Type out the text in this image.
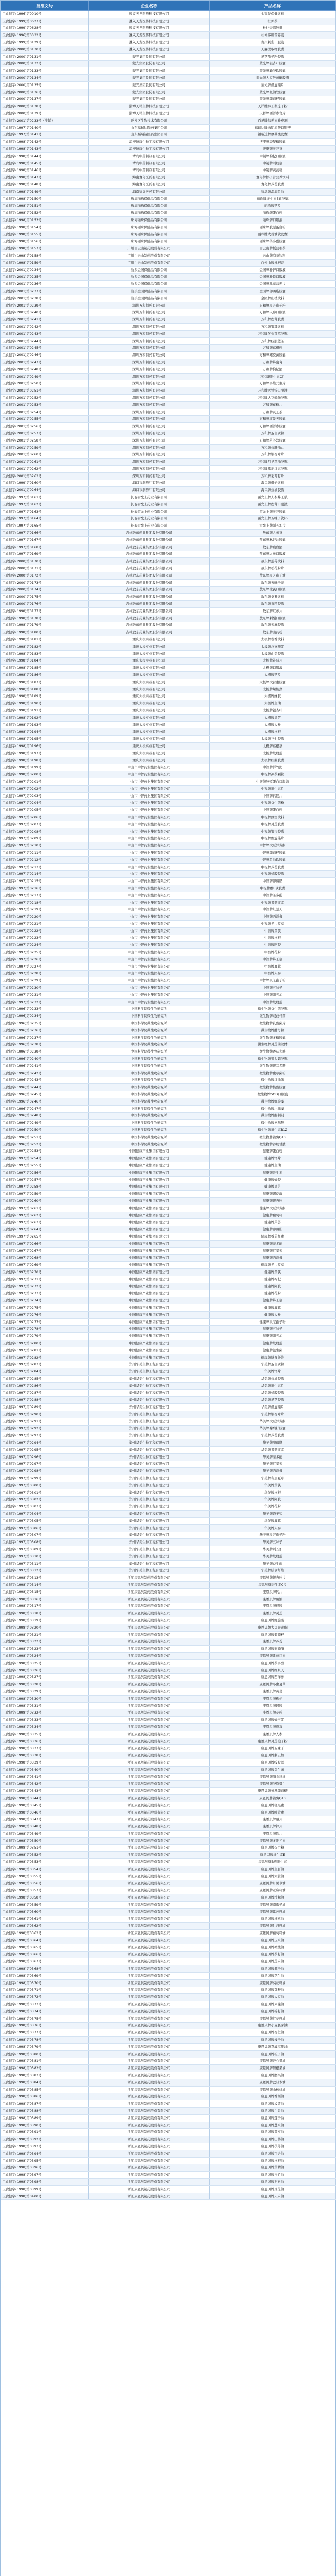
批准文号	企业名称	产品名称
卫食健字(1996)第0010号	遵义天龙医药科技有限公司	金银花保健饮料
卫食健字(1999)第0627号	遵义天龙医药科技有限公司	杜仲茶
卫食健字(1999)第0628号	遵义天龙医药科技有限公司	杜仲天麻胶囊
卫食健字(1996)第0032号	遵义天龙医药科技有限公司	杜仲多糖营养液
卫食健字(1999)第0129号	遵义天龙医药科技有限公司	贵州刺梨口服液
卫食健字(2000)第0130号	遵义天龙医药科技有限公司	天麻提取物胶囊
卫食健字(2000)第0131号	蒙光集团股份有限公司	灵芝孢子粉胶囊
卫食健字(2000)第0132号	蒙光集团股份有限公司	蒙光牌银杏叶胶囊
卫食健字(2000)第0133号	蒙光集团股份有限公司	蒙光牌蜂胶软胶囊
卫食健字(2000)第0134号	蒙光集团股份有限公司	蒙光牌大豆异黄酮胶囊
卫食健字(2000)第0135号	蒙光集团股份有限公司	蒙光牌螺旋藻片
卫食健字(2000)第0136号	蒙光集团股份有限公司	蒙光牌鱼油软胶囊
卫食健字(2000)第0137号	蒙光集团股份有限公司	蒙光牌葡萄籽胶囊
卫食健字(2000)第0138号	淄博天祥生物科技有限公司	天祥牌蜂王浆冻干粉
卫食健字(2000)第0139号	淄博天祥生物科技有限公司	天祥牌西洋参含片
卫食健字(2001)第0233号（注销）	开发区生物技术有限公司	百灵牌营养素补充剂
卫食健字(1997)第0140号	山东福瑞达医药集团公司	福瑞达牌透明质酸口服液
卫食健字(1997)第0141号	山东福瑞达医药集团公司	福瑞达牌氨基酸胶囊
卫食健字(1998)第0142号	淄博博康生物工程有限公司	博康牌壳聚糖胶囊
卫食健字(1998)第0143号	淄博博康生物工程有限公司	博康牌灵芝茶
卫食健字(1998)第0144号	青岛中药制剂有限公司	中制牌枸杞口服液
卫食健字(1998)第0145号	青岛中药制剂有限公司	中制牌阿胶浆
卫食健字(1998)第0146号	青岛中药制剂有限公司	中制牌黄芪精
卫食健字(1998)第0147号	海南寰岛医药有限公司	寰岛牌椰子汁营养饮料
卫食健字(1998)第0148号	海南寰岛医药有限公司	寰岛牌芦荟胶囊
卫食健字(1998)第0149号	海南寰岛医药有限公司	寰岛牌深海鱼油
卫食健字(1998)第0150号	珠海丽珠保健品有限公司	丽珠牌维生素E软胶囊
卫食健字(1998)第0151号	珠海丽珠保健品有限公司	丽珠牌钙片
卫食健字(1998)第0152号	珠海丽珠保健品有限公司	丽珠牌蛋白粉
卫食健字(1998)第0153号	珠海丽珠保健品有限公司	丽珠牌口服液
卫食健字(1998)第0154号	珠海丽珠保健品有限公司	丽珠牌胶原蛋白粉
卫食健字(1998)第0155号	珠海丽珠保健品有限公司	丽珠牌大蒜油软胶囊
卫食健字(1998)第0156号	珠海丽珠保健品有限公司	丽珠牌茶多酚胶囊
卫食健字(1998)第0157号	广州白云山制药股份有限公司	白云山牌板蓝根茶
卫食健字(1998)第0158号	广州白云山制药股份有限公司	白云山牌凉茶饮料
卫食健字(1998)第0159号	广州白云山制药股份有限公司	白云山牌枇杷膏
卫食健字(2001)第0234号	汕头金园保健品有限公司	金园牌补锌口服液
卫食健字(2001)第0235号	汕头金园保健品有限公司	金园牌补铁口服液
卫食健字(2001)第0236号	汕头金园保健品有限公司	金园牌儿童营养片
卫食健字(2001)第0237号	汕头金园保健品有限公司	金园牌卵磷脂胶囊
卫食健字(2001)第0238号	汕头金园保健品有限公司	金园牌山楂饮料
卫食健字(2001)第0239号	深圳万和制药有限公司	万和牌灵芝孢子粉
卫食健字(2001)第0240号	深圳万和制药有限公司	万和牌人参口服液
卫食健字(2001)第0241号	深圳万和制药有限公司	万和牌鹿茸胶囊
卫食健字(2001)第0242号	深圳万和制药有限公司	万和牌银耳饮料
卫食健字(2001)第0243号	深圳万和制药有限公司	万和牌冬虫夏草胶囊
卫食健字(2001)第0244号	深圳万和制药有限公司	万和牌绞股蓝茶
卫食健字(2001)第0245号	深圳万和制药有限公司	万和牌葛根粉
卫食健字(2001)第0246号	深圳万和制药有限公司	万和牌螺旋藻胶囊
卫食健字(2001)第0247号	深圳万和制药有限公司	万和牌蜂蜜膏
卫食健字(2001)第0248号	深圳万和制药有限公司	万和牌枸杞酒
卫食健字(2001)第0249号	深圳万和制药有限公司	万和牌维生素C片
卫食健字(2001)第0250号	深圳万和制药有限公司	万和牌多维元素片
卫食健字(2001)第0251号	深圳万和制药有限公司	万和牌钙铁锌口服液
卫食健字(2001)第0252号	深圳万和制药有限公司	万和牌大豆磷脂胶囊
卫食健字(2001)第0253号	深圳万和制药有限公司	万和牌花粉片
卫食健字(2001)第0254号	深圳万和制药有限公司	万和牌灵芝茶
卫食健字(2001)第0255号	深圳万和制药有限公司	万和牌红景天胶囊
卫食健字(2001)第0256号	深圳万和制药有限公司	万和牌西洋参胶囊
卫食健字(2001)第0257号	深圳万和制药有限公司	万和牌蛋白质粉
卫食健字(2001)第0258号	深圳万和制药有限公司	万和牌芦荟软胶囊
卫食健字(2001)第0259号	深圳万和制药有限公司	万和牌鱼肝油丸
卫食健字(2001)第0260号	深圳万和制药有限公司	万和牌银杏叶片
卫食健字(2001)第0261号	深圳万和制药有限公司	万和牌月见草油胶囊
卫食健字(2001)第0262号	深圳万和制药有限公司	万和牌番茄红素胶囊
卫食健字(2001)第0263号	深圳万和制药有限公司	万和牌葡萄籽片
卫食健字(1999)第0160号	海口市制药厂有限公司	海口牌椰奶饮料
卫食健字(2001)第0264号	海口市制药厂有限公司	海口牌鱼油胶囊
卫食健字(1997)第0161号	长春雷允上药业有限公司	雷允上牌人参蜂王浆
卫食健字(1997)第0162号	长春雷允上药业有限公司	雷允上牌鹿茸口服液
卫食健字(1997)第0163号	长春雷允上药业有限公司	雷允上牌灵芝胶囊
卫食健字(1997)第0164号	长春雷允上药业有限公司	雷允上牌五味子饮料
卫食健字(1997)第0165号	长春雷允上药业有限公司	雷允上牌刺五加片
卫食健字(1997)第0166号	吉林敖东药业集团股份有限公司	敖东牌人参茶
卫食健字(1997)第0167号	吉林敖东药业集团股份有限公司	敖东牌林蛙油胶囊
卫食健字(1997)第0168号	吉林敖东药业集团股份有限公司	敖东牌鹿血酒
卫食健字(1997)第0169号	吉林敖东药业集团股份有限公司	敖东牌人参口服液
卫食健字(2000)第0170号	吉林敖东药业集团股份有限公司	敖东牌蓝莓饮料
卫食健字(2000)第0171号	吉林敖东药业集团股份有限公司	敖东牌松花粉片
卫食健字(2000)第0172号	吉林敖东药业集团股份有限公司	敖东牌灵芝孢子油
卫食健字(2000)第0173号	吉林敖东药业集团股份有限公司	敖东牌五味子茶
卫食健字(2000)第0174号	吉林敖东药业集团股份有限公司	敖东牌北芪口服液
卫食健字(2000)第0175号	吉林敖东药业集团股份有限公司	敖东牌桑葚饮料
卫食健字(2000)第0176号	吉林敖东药业集团股份有限公司	敖东牌黄精胶囊
卫食健字(1998)第0177号	吉林敖东药业集团股份有限公司	敖东牌红参片
卫食健字(1998)第0178号	吉林敖东药业集团股份有限公司	敖东牌刺梨口服液
卫食健字(1998)第0179号	吉林敖东药业集团股份有限公司	敖东牌天麻胶囊
卫食健字(1998)第0180号	吉林敖东药业集团股份有限公司	敖东牌山药粉
卫食健字(1998)第0181号	重庆太极实业有限公司	太极牌藿香饮料
卫食健字(1998)第0182号	重庆太极实业有限公司	太极牌急支糖浆
卫食健字(1998)第0183号	重庆太极实业有限公司	太极牌曲美胶囊
卫食健字(1998)第0184号	重庆太极实业有限公司	太极牌补肾片
卫食健字(1998)第0185号	重庆太极实业有限公司	太极牌口服液
卫食健字(1998)第0186号	重庆太极实业有限公司	太极牌钙片
卫食健字(1998)第0187号	重庆太极实业有限公司	太极牌大蒜素胶囊
卫食健字(1998)第0188号	重庆太极实业有限公司	太极牌螺旋藻
卫食健字(1998)第0189号	重庆太极实业有限公司	太极牌蜂胶
卫食健字(1998)第0190号	重庆太极实业有限公司	太极牌鱼油
卫食健字(1998)第0191号	重庆太极实业有限公司	太极牌银杏叶
卫食健字(1998)第0192号	重庆太极实业有限公司	太极牌灵芝
卫食健字(1998)第0193号	重庆太极实业有限公司	太极牌人参
卫食健字(1998)第0194号	重庆太极实业有限公司	太极牌枸杞
卫食健字(1998)第0195号	重庆太极实业有限公司	太极牌三七胶囊
卫食健字(1998)第0196号	重庆太极实业有限公司	太极牌葛根茶
卫食健字(1998)第0197号	重庆太极实业有限公司	太极牌绞股蓝
卫食健字(1998)第0198号	重庆太极实业有限公司	太极牌红曲胶囊
卫食健字(1998)第0199号	中山市中智药业集团有限公司	中智牌鲜竹沥
卫食健字(1998)第0200号	中山市中智药业集团有限公司	中智牌凉茶颗粒
卫食健字(1997)第0201号	中山市中智药业集团有限公司	中智牌胶原蛋白口服液
卫食健字(1997)第0202号	中山市中智药业集团有限公司	中智牌维生素片
卫食健字(1997)第0203号	中山市中智药业集团有限公司	中智牌钙镁片
卫食健字(1997)第0204号	中山市中智药业集团有限公司	中智牌益生菌粉
卫食健字(1997)第0205号	中山市中智药业集团有限公司	中智牌蛋白粉
卫食健字(1997)第0206号	中山市中智药业集团有限公司	中智牌蜂蜜饮料
卫食健字(1997)第0207号	中山市中智药业集团有限公司	中智牌灵芝胶囊
卫食健字(1997)第0208号	中山市中智药业集团有限公司	中智牌银杏胶囊
卫食健字(1997)第0209号	中山市中智药业集团有限公司	中智牌螺旋藻片
卫食健字(1997)第0210号	中山市中智药业集团有限公司	中智牌大豆异黄酮
卫食健字(1997)第0211号	中山市中智药业集团有限公司	中智牌葡萄籽胶囊
卫食健字(1997)第0212号	中山市中智药业集团有限公司	中智牌鱼油软胶囊
卫食健字(1997)第0213号	中山市中智药业集团有限公司	中智牌芦荟胶囊
卫食健字(1997)第0214号	中山市中智药业集团有限公司	中智牌蜂胶胶囊
卫食健字(1997)第0215号	中山市中智药业集团有限公司	中智牌卵磷脂
卫食健字(1997)第0216号	中山市中智药业集团有限公司	中智牌维E软胶囊
卫食健字(1997)第0217号	中山市中智药业集团有限公司	中智牌茶多酚
卫食健字(1997)第0218号	中山市中智药业集团有限公司	中智牌番茄红素
卫食健字(1997)第0219号	中山市中智药业集团有限公司	中智牌红景天
卫食健字(1997)第0220号	中山市中智药业集团有限公司	中智牌西洋参
卫食健字(1997)第0221号	中山市中智药业集团有限公司	中智牌冬虫夏草
卫食健字(1997)第0222号	中山市中智药业集团有限公司	中智牌黄芪
卫食健字(1997)第0223号	中山市中智药业集团有限公司	中智牌枸杞
卫食健字(1997)第0224号	中山市中智药业集团有限公司	中智牌阿胶
卫食健字(1997)第0225号	中山市中智药业集团有限公司	中智牌花粉
卫食健字(1997)第0226号	中山市中智药业集团有限公司	中智牌蜂王浆
卫食健字(1997)第0227号	中山市中智药业集团有限公司	中智牌鹿茸
卫食健字(1997)第0228号	中山市中智药业集团有限公司	中智牌人参
卫食健字(1997)第0229号	中山市中智药业集团有限公司	中智牌灵芝孢子粉
卫食健字(1997)第0230号	中山市中智药业集团有限公司	中智牌五味子
卫食健字(1997)第0231号	中山市中智药业集团有限公司	中智牌刺五加
卫食健字(1997)第0232号	中山市中智药业集团有限公司	中智牌绞股蓝
卫食健字(1996)第0233号	中国科学院微生物研究所	微生物牌益生菌胶囊
卫食健字(1996)第0234号	中国科学院微生物研究所	微生物牌双歧杆菌
卫食健字(1996)第0235号	中国科学院微生物研究所	微生物牌乳酸菌片
卫食健字(1996)第0236号	中国科学院微生物研究所	微生物牌酵母粉
卫食健字(1996)第0237号	中国科学院微生物研究所	微生物牌多糖胶囊
卫食健字(1996)第0238号	中国科学院微生物研究所	微生物牌灵芝菌丝体
卫食健字(1996)第0239号	中国科学院微生物研究所	微生物牌香菇多糖
卫食健字(1996)第0240号	中国科学院微生物研究所	微生物牌猴头菇胶囊
卫食健字(1996)第0241号	中国科学院微生物研究所	微生物牌银耳多糖
卫食健字(1996)第0242号	中国科学院微生物研究所	微生物牌虫草菌粉
卫食健字(1996)第0243号	中国科学院微生物研究所	微生物牌红曲米
卫食健字(1996)第0244号	中国科学院微生物研究所	微生物牌核酸胶囊
卫食健字(1996)第0245号	中国科学院微生物研究所	微生物牌SOD口服液
卫食健字(1996)第0246号	中国科学院微生物研究所	微生物牌螺旋藻
卫食健字(1996)第0247号	中国科学院微生物研究所	微生物牌小球藻
卫食健字(1996)第0248号	中国科学院微生物研究所	微生物牌酶制剂
卫食健字(1996)第0249号	中国科学院微生物研究所	微生物牌氨基酸
卫食健字(1996)第0250号	中国科学院微生物研究所	微生物牌维生素B12
卫食健字(1996)第0251号	中国科学院微生物研究所	微生物牌辅酶Q10
卫食健字(1996)第0252号	中国科学院微生物研究所	微生物牌谷胱甘肽
卫食健字(1997)第0253号	中国健康产业集团有限公司	健康牌蛋白粉
卫食健字(1997)第0254号	中国健康产业集团有限公司	健康牌钙片
卫食健字(1997)第0255号	中国健康产业集团有限公司	健康牌鱼油
卫食健字(1997)第0256号	中国健康产业集团有限公司	健康牌维生素
卫食健字(1997)第0257号	中国健康产业集团有限公司	健康牌蜂胶
卫食健字(1997)第0258号	中国健康产业集团有限公司	健康牌灵芝
卫食健字(1997)第0259号	中国健康产业集团有限公司	健康牌螺旋藻
卫食健字(1997)第0260号	中国健康产业集团有限公司	健康牌银杏叶
卫食健字(1997)第0261号	中国健康产业集团有限公司	健康牌大豆异黄酮
卫食健字(1997)第0262号	中国健康产业集团有限公司	健康牌葡萄籽
卫食健字(1997)第0263号	中国健康产业集团有限公司	健康牌芦荟
卫食健字(1997)第0264号	中国健康产业集团有限公司	健康牌卵磷脂
卫食健字(1997)第0265号	中国健康产业集团有限公司	健康牌番茄红素
卫食健字(1997)第0266号	中国健康产业集团有限公司	健康牌茶多酚
卫食健字(1997)第0267号	中国健康产业集团有限公司	健康牌红景天
卫食健字(1997)第0268号	中国健康产业集团有限公司	健康牌西洋参
卫食健字(1997)第0269号	中国健康产业集团有限公司	健康牌冬虫夏草
卫食健字(1997)第0270号	中国健康产业集团有限公司	健康牌黄芪
卫食健字(1997)第0271号	中国健康产业集团有限公司	健康牌枸杞
卫食健字(1997)第0272号	中国健康产业集团有限公司	健康牌阿胶
卫食健字(1997)第0273号	中国健康产业集团有限公司	健康牌花粉
卫食健字(1997)第0274号	中国健康产业集团有限公司	健康牌蜂王浆
卫食健字(1997)第0275号	中国健康产业集团有限公司	健康牌鹿茸
卫食健字(1997)第0276号	中国健康产业集团有限公司	健康牌人参
卫食健字(1997)第0277号	中国健康产业集团有限公司	健康牌灵芝孢子粉
卫食健字(1997)第0278号	中国健康产业集团有限公司	健康牌五味子
卫食健字(1997)第0279号	中国健康产业集团有限公司	健康牌刺五加
卫食健字(1997)第0280号	中国健康产业集团有限公司	健康牌绞股蓝
卫食健字(1997)第0281号	中国健康产业集团有限公司	健康牌益生菌
卫食健字(1997)第0282号	中国健康产业集团有限公司	健康牌膳食纤维
卫食健字(1997)第0283号	郑州华美生物工程有限公司	华美牌蛋白质粉
卫食健字(1997)第0284号	郑州华美生物工程有限公司	华美牌钙片
卫食健字(1997)第0285号	郑州华美生物工程有限公司	华美牌鱼油胶囊
卫食健字(1997)第0286号	郑州华美生物工程有限公司	华美牌维生素片
卫食健字(1997)第0287号	郑州华美生物工程有限公司	华美牌蜂胶胶囊
卫食健字(1997)第0288号	郑州华美生物工程有限公司	华美牌灵芝胶囊
卫食健字(1997)第0289号	郑州华美生物工程有限公司	华美牌螺旋藻片
卫食健字(1997)第0290号	郑州华美生物工程有限公司	华美牌银杏叶片
卫食健字(1997)第0291号	郑州华美生物工程有限公司	华美牌大豆异黄酮
卫食健字(1997)第0292号	郑州华美生物工程有限公司	华美牌葡萄籽胶囊
卫食健字(1997)第0293号	郑州华美生物工程有限公司	华美牌芦荟胶囊
卫食健字(1997)第0294号	郑州华美生物工程有限公司	华美牌卵磷脂
卫食健字(1997)第0295号	郑州华美生物工程有限公司	华美牌番茄红素
卫食健字(1997)第0296号	郑州华美生物工程有限公司	华美牌茶多酚
卫食健字(1997)第0297号	郑州华美生物工程有限公司	华美牌红景天
卫食健字(1997)第0298号	郑州华美生物工程有限公司	华美牌西洋参
卫食健字(1997)第0299号	郑州华美生物工程有限公司	华美牌冬虫夏草
卫食健字(1997)第0300号	郑州华美生物工程有限公司	华美牌黄芪
卫食健字(1997)第0301号	郑州华美生物工程有限公司	华美牌枸杞
卫食健字(1997)第0302号	郑州华美生物工程有限公司	华美牌阿胶
卫食健字(1997)第0303号	郑州华美生物工程有限公司	华美牌花粉
卫食健字(1997)第0304号	郑州华美生物工程有限公司	华美牌蜂王浆
卫食健字(1997)第0305号	郑州华美生物工程有限公司	华美牌鹿茸
卫食健字(1997)第0306号	郑州华美生物工程有限公司	华美牌人参
卫食健字(1997)第0307号	郑州华美生物工程有限公司	华美牌灵芝孢子粉
卫食健字(1997)第0308号	郑州华美生物工程有限公司	华美牌五味子
卫食健字(1997)第0309号	郑州华美生物工程有限公司	华美牌刺五加
卫食健字(1997)第0310号	郑州华美生物工程有限公司	华美牌绞股蓝
卫食健字(1997)第0311号	郑州华美生物工程有限公司	华美牌益生菌
卫食健字(1997)第0312号	郑州华美生物工程有限公司	华美牌膳食纤维
卫食健字(1998)第0313号	浙江康恩贝制药股份有限公司	康恩贝牌银杏叶片
卫食健字(1998)第0314号	浙江康恩贝制药股份有限公司	康恩贝牌维生素C片
卫食健字(1998)第0315号	浙江康恩贝制药股份有限公司	康恩贝牌钙片
卫食健字(1998)第0316号	浙江康恩贝制药股份有限公司	康恩贝牌鱼油
卫食健字(1998)第0317号	浙江康恩贝制药股份有限公司	康恩贝牌蜂胶
卫食健字(1998)第0318号	浙江康恩贝制药股份有限公司	康恩贝牌灵芝
卫食健字(1998)第0319号	浙江康恩贝制药股份有限公司	康恩贝牌螺旋藻
卫食健字(1998)第0320号	浙江康恩贝制药股份有限公司	康恩贝牌大豆异黄酮
卫食健字(1998)第0321号	浙江康恩贝制药股份有限公司	康恩贝牌葡萄籽
卫食健字(1998)第0322号	浙江康恩贝制药股份有限公司	康恩贝牌芦荟
卫食健字(1998)第0323号	浙江康恩贝制药股份有限公司	康恩贝牌卵磷脂
卫食健字(1998)第0324号	浙江康恩贝制药股份有限公司	康恩贝牌番茄红素
卫食健字(1998)第0325号	浙江康恩贝制药股份有限公司	康恩贝牌茶多酚
卫食健字(1998)第0326号	浙江康恩贝制药股份有限公司	康恩贝牌红景天
卫食健字(1998)第0327号	浙江康恩贝制药股份有限公司	康恩贝牌西洋参
卫食健字(1998)第0328号	浙江康恩贝制药股份有限公司	康恩贝牌冬虫夏草
卫食健字(1998)第0329号	浙江康恩贝制药股份有限公司	康恩贝牌黄芪
卫食健字(1998)第0330号	浙江康恩贝制药股份有限公司	康恩贝牌枸杞
卫食健字(1998)第0331号	浙江康恩贝制药股份有限公司	康恩贝牌阿胶
卫食健字(1998)第0332号	浙江康恩贝制药股份有限公司	康恩贝牌花粉
卫食健字(1998)第0333号	浙江康恩贝制药股份有限公司	康恩贝牌蜂王浆
卫食健字(1998)第0334号	浙江康恩贝制药股份有限公司	康恩贝牌鹿茸
卫食健字(1998)第0335号	浙江康恩贝制药股份有限公司	康恩贝牌人参
卫食健字(1998)第0336号	浙江康恩贝制药股份有限公司	康恩贝牌灵芝孢子粉
卫食健字(1998)第0337号	浙江康恩贝制药股份有限公司	康恩贝牌五味子
卫食健字(1998)第0338号	浙江康恩贝制药股份有限公司	康恩贝牌刺五加
卫食健字(1998)第0339号	浙江康恩贝制药股份有限公司	康恩贝牌绞股蓝
卫食健字(1998)第0340号	浙江康恩贝制药股份有限公司	康恩贝牌益生菌
卫食健字(1998)第0341号	浙江康恩贝制药股份有限公司	康恩贝牌膳食纤维
卫食健字(1998)第0342号	浙江康恩贝制药股份有限公司	康恩贝牌胶原蛋白
卫食健字(1998)第0343号	浙江康恩贝制药股份有限公司	康恩贝牌氨基葡萄糖
卫食健字(1998)第0344号	浙江康恩贝制药股份有限公司	康恩贝牌辅酶Q10
卫食健字(1998)第0345号	浙江康恩贝制药股份有限公司	康恩贝牌褪黑素
卫食健字(1998)第0346号	浙江康恩贝制药股份有限公司	康恩贝牌叶黄素
卫食健字(1998)第0347号	浙江康恩贝制药股份有限公司	康恩贝牌硒片
卫食健字(1998)第0348号	浙江康恩贝制药股份有限公司	康恩贝牌锌片
卫食健字(1998)第0349号	浙江康恩贝制药股份有限公司	康恩贝牌铁片
卫食健字(1998)第0350号	浙江康恩贝制药股份有限公司	康恩贝牌多维元素
卫食健字(1998)第0351号	浙江康恩贝制药股份有限公司	康恩贝牌蛋白粉
卫食健字(1998)第0352号	浙江康恩贝制药股份有限公司	康恩贝牌维生素E
卫食健字(1998)第0353号	浙江康恩贝制药股份有限公司	康恩贝牌B族维生素
卫食健字(1998)第0354号	浙江康恩贝制药股份有限公司	康恩贝牌鱼肝油
卫食健字(1998)第0355号	浙江康恩贝制药股份有限公司	康恩贝牌大蒜油
卫食健字(1998)第0356号	浙江康恩贝制药股份有限公司	康恩贝牌月见草油
卫食健字(1998)第0357号	浙江康恩贝制药股份有限公司	康恩贝牌亚麻籽油
卫食健字(1998)第0358号	浙江康恩贝制药股份有限公司	康恩贝牌沙棘油
卫食健字(1998)第0359号	浙江康恩贝制药股份有限公司	康恩贝牌南瓜子油
卫食健字(1998)第0360号	浙江康恩贝制药股份有限公司	康恩贝牌紫苏籽油
卫食健字(1998)第0361号	浙江康恩贝制药股份有限公司	康恩贝牌核桃油
卫食健字(1998)第0362号	浙江康恩贝制药股份有限公司	康恩贝牌牡丹籽油
卫食健字(1998)第0363号	浙江康恩贝制药股份有限公司	康恩贝牌葡萄籽油
卫食健字(1998)第0364号	浙江康恩贝制药股份有限公司	康恩贝牌玉米油
卫食健字(1998)第0365号	浙江康恩贝制药股份有限公司	康恩贝牌橄榄油
卫食健字(1998)第0366号	浙江康恩贝制药股份有限公司	康恩贝牌茶籽油
卫食健字(1998)第0367号	浙江康恩贝制药股份有限公司	康恩贝牌芝麻油
卫食健字(1998)第0368号	浙江康恩贝制药股份有限公司	康恩贝牌椰子油
卫食健字(1998)第0369号	浙江康恩贝制药股份有限公司	康恩贝牌花生油
卫食健字(1998)第0370号	浙江康恩贝制药股份有限公司	康恩贝牌葵花籽油
卫食健字(1998)第0371号	浙江康恩贝制药股份有限公司	康恩贝牌菜籽油
卫食健字(1998)第0372号	浙江康恩贝制药股份有限公司	康恩贝牌大豆油
卫食健字(1998)第0373号	浙江康恩贝制药股份有限公司	康恩贝牌米糠油
卫食健字(1998)第0374号	浙江康恩贝制药股份有限公司	康恩贝牌棉籽油
卫食健字(1998)第0375号	浙江康恩贝制药股份有限公司	康恩贝牌红花籽油
卫食健字(1998)第0376号	浙江康恩贝制药股份有限公司	康恩贝牌小麦胚芽油
卫食健字(1998)第0377号	浙江康恩贝制药股份有限公司	康恩贝牌杏仁油
卫食健字(1998)第0378号	浙江康恩贝制药股份有限公司	康恩贝牌榛子油
卫食健字(1998)第0379号	浙江康恩贝制药股份有限公司	康恩贝牌夏威夷果油
卫食健字(1998)第0380号	浙江康恩贝制药股份有限公司	康恩贝牌松子油
卫食健字(1998)第0381号	浙江康恩贝制药股份有限公司	康恩贝牌开心果油
卫食健字(1998)第0382号	浙江康恩贝制药股份有限公司	康恩贝牌碧根果油
卫食健字(1998)第0383号	浙江康恩贝制药股份有限公司	康恩贝牌腰果油
卫食健字(1998)第0384号	浙江康恩贝制药股份有限公司	康恩贝牌巴旦木油
卫食健字(1998)第0385号	浙江康恩贝制药股份有限公司	康恩贝牌山核桃油
卫食健字(1998)第0386号	浙江康恩贝制药股份有限公司	康恩贝牌香榧油
卫食健字(1998)第0387号	浙江康恩贝制药股份有限公司	康恩贝牌板栗油
卫食健字(1998)第0388号	浙江康恩贝制药股份有限公司	康恩贝牌白果油
卫食健字(1998)第0389号	浙江康恩贝制药股份有限公司	康恩贝牌莲子油
卫食健字(1998)第0390号	浙江康恩贝制药股份有限公司	康恩贝牌薏米油
卫食健字(1998)第0391号	浙江康恩贝制药股份有限公司	康恩贝牌芡实油
卫食健字(1998)第0392号	浙江康恩贝制药股份有限公司	康恩贝牌山药油
卫食健字(1998)第0393号	浙江康恩贝制药股份有限公司	康恩贝牌茯苓油
卫食健字(1998)第0394号	浙江康恩贝制药股份有限公司	康恩贝牌百合油
卫食健字(1998)第0395号	浙江康恩贝制药股份有限公司	康恩贝牌枸杞油
卫食健字(1998)第0396号	浙江康恩贝制药股份有限公司	康恩贝牌黄精油
卫食健字(1998)第0397号	浙江康恩贝制药股份有限公司	康恩贝牌玉竹油
卫食健字(1998)第0398号	浙江康恩贝制药股份有限公司	康恩贝牌石斛油
卫食健字(1998)第0399号	浙江康恩贝制药股份有限公司	康恩贝牌灵芝油
卫食健字(1998)第0400号	浙江康恩贝制药股份有限公司	康恩贝牌天麻油
